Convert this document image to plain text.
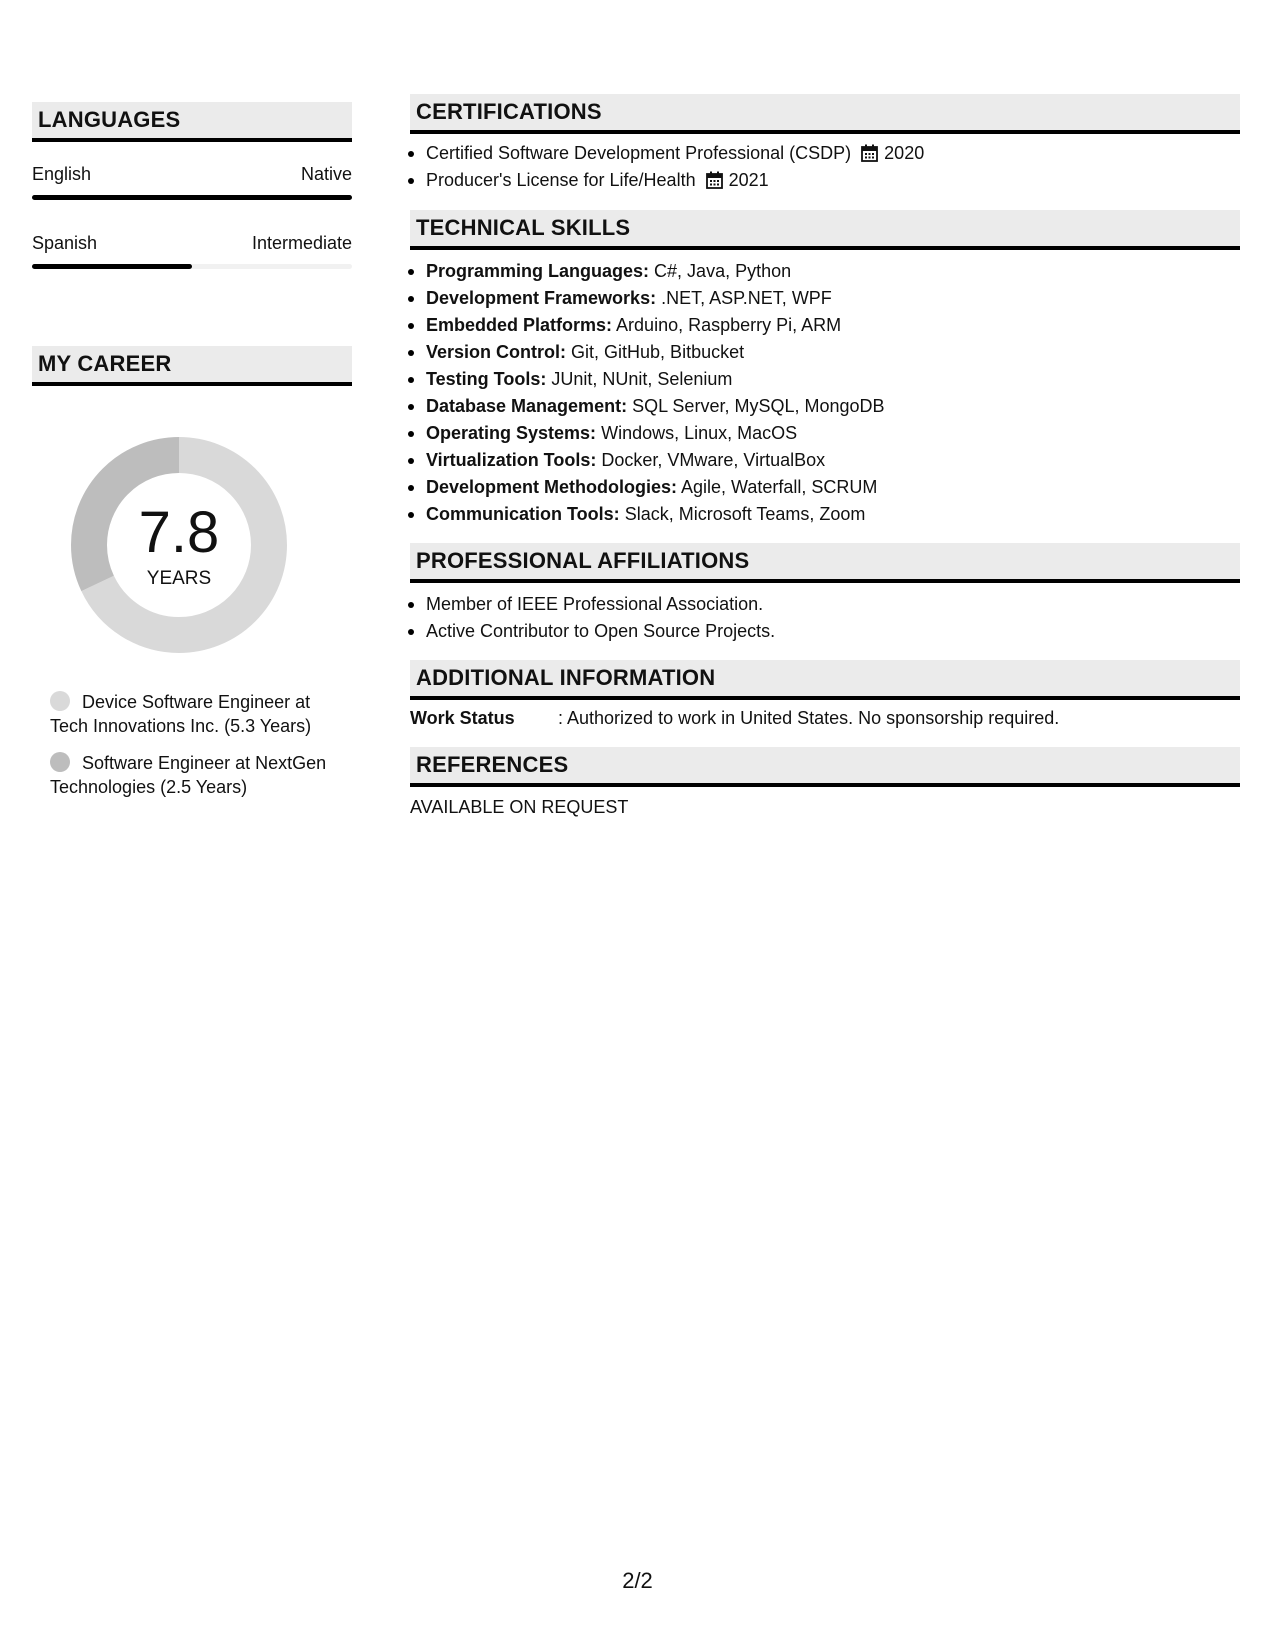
LANGUAGES
English	Native
Spanish	Intermediate
MY CAREER
7.8
YEARS
Device Software Engineer at Tech Innovations Inc. (5.3 Years)
Software Engineer at NextGen Technologies (2.5 Years)
CERTIFICATIONS
Certified Software Development Professional (CSDP) 2020
Producer's License for Life/Health 2021
TECHNICAL SKILLS
Programming Languages: C#, Java, Python
Development Frameworks: .NET, ASP.NET, WPF
Embedded Platforms: Arduino, Raspberry Pi, ARM
Version Control: Git, GitHub, Bitbucket
Testing Tools: JUnit, NUnit, Selenium
Database Management: SQL Server, MySQL, MongoDB
Operating Systems: Windows, Linux, MacOS
Virtualization Tools: Docker, VMware, VirtualBox
Development Methodologies: Agile, Waterfall, SCRUM
Communication Tools: Slack, Microsoft Teams, Zoom
PROFESSIONAL AFFILIATIONS
Member of IEEE Professional Association.
Active Contributor to Open Source Projects.
ADDITIONAL INFORMATION
Work Status : Authorized to work in United States. No sponsorship required.
REFERENCES
AVAILABLE ON REQUEST
2/2
